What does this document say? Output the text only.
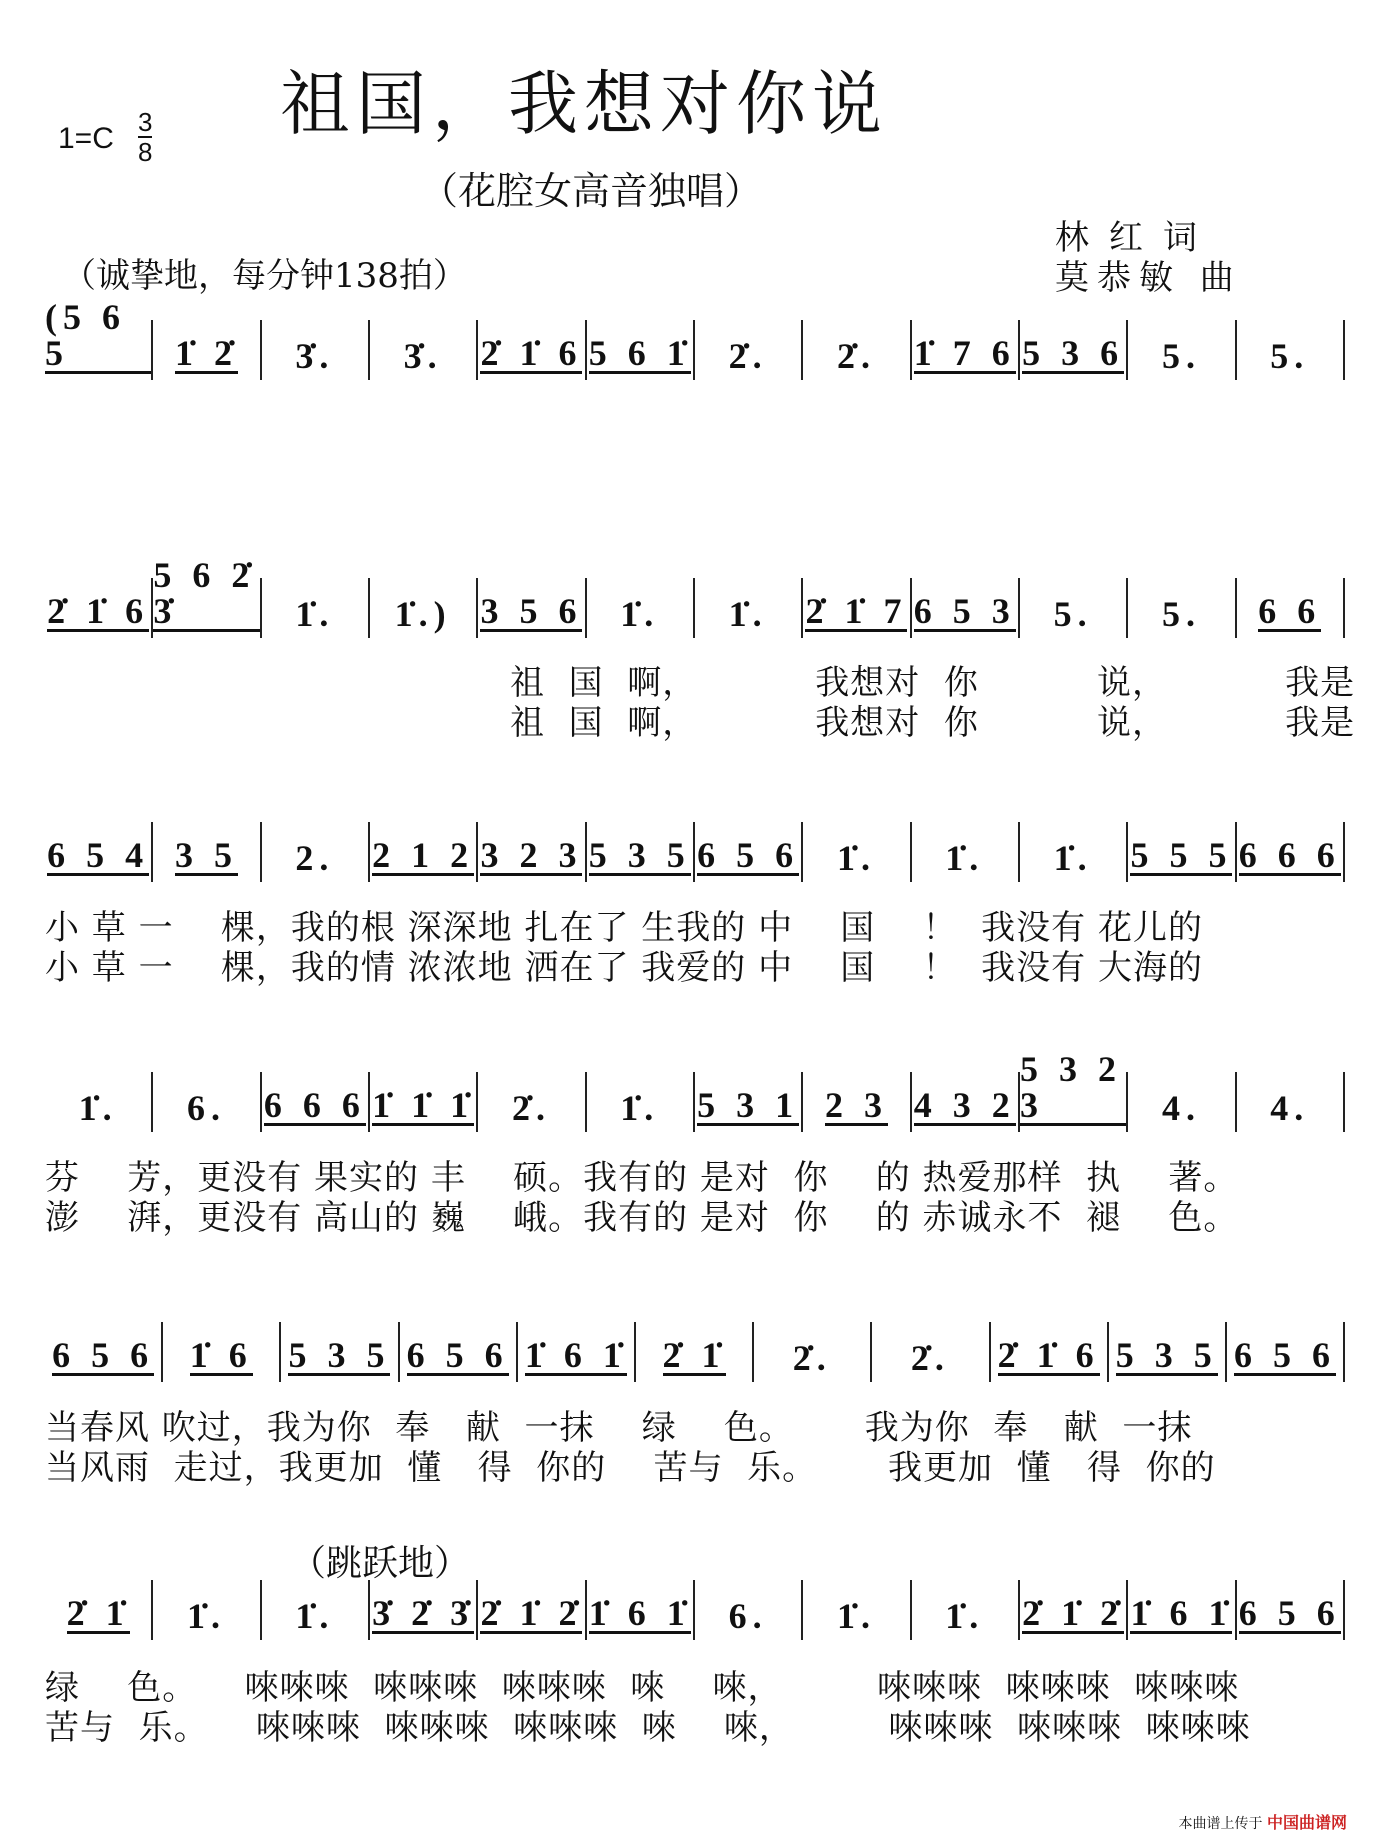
祖国，我想对你说
1=C 3
8
（花腔女高音独唱）
林红词
莫恭敏 曲
（诚挚地，每分钟138拍）
（跳跃地）
(5 6 5	1̇ 2̇ 3̇. 3̇. 2̇ 1̇ 6 5 6 1̇ 2̇. 2̇. 1̇ 7 6 5 3 6 5. 5.
2̇ 1̇ 6
5 6 2̇ 3̇	1̇. 1̇.) 3 5 6 1̇. 1̇. 2̇ 1̇ 7 6 5 3 5. 5. 6 6
祖  国  啊，          我想对  你          说，          我是
祖  国  啊，          我想对  你          说，          我是
6 5 4 3 5 2. 2 1 2 3 2 3 5 3 5 6 5 6 1̇. 1̇. 1̇. 5 5 5 6 6 6
小 草 一    棵，我的根 深深地 扎在了 生我的 中    国    ！  我没有 花儿的
小 草 一    棵，我的情 浓浓地 洒在了 我爱的 中    国    ！  我没有 大海的
1̇. 6. 6 6 6 1̇ 1̇ 1̇ 2̇. 1̇. 5 3 1 2 3 4 3 2
5 3 2 3	4. 4.
芬    芳，更没有 果实的 丰    硕。我有的 是对  你    的 热爱那样  执    著。
澎    湃，更没有 高山的 巍    峨。我有的 是对  你    的 赤诚永不  褪    色。
6 5 6 1̇ 6 5 3 5 6 5 6 1̇ 6 1̇ 2̇ 1̇ 2̇. 2̇. 2̇ 1̇ 6 5 3 5 6 5 6
当春风 吹过，我为你  奉   献  一抹    绿    色。      我为你  奉   献  一抹
当风雨  走过，我更加  懂   得  你的    苦与  乐。      我更加  懂   得  你的
2̇ 1̇ 1̇. 1̇. 3̇ 2̇ 3̇ 2̇ 1̇ 2̇ 1̇ 6 1̇ 6. 1̇. 1̇. 2̇ 1̇ 2̇ 1̇ 6 1̇ 6 5 6
绿    色。    唻唻唻  唻唻唻  唻唻唻  唻    唻，        唻唻唻  唻唻唻  唻唻唻
苦与  乐。    唻唻唻  唻唻唻  唻唻唻  唻    唻，        唻唻唻  唻唻唻  唻唻唻
本曲谱上传于 中国曲谱网
